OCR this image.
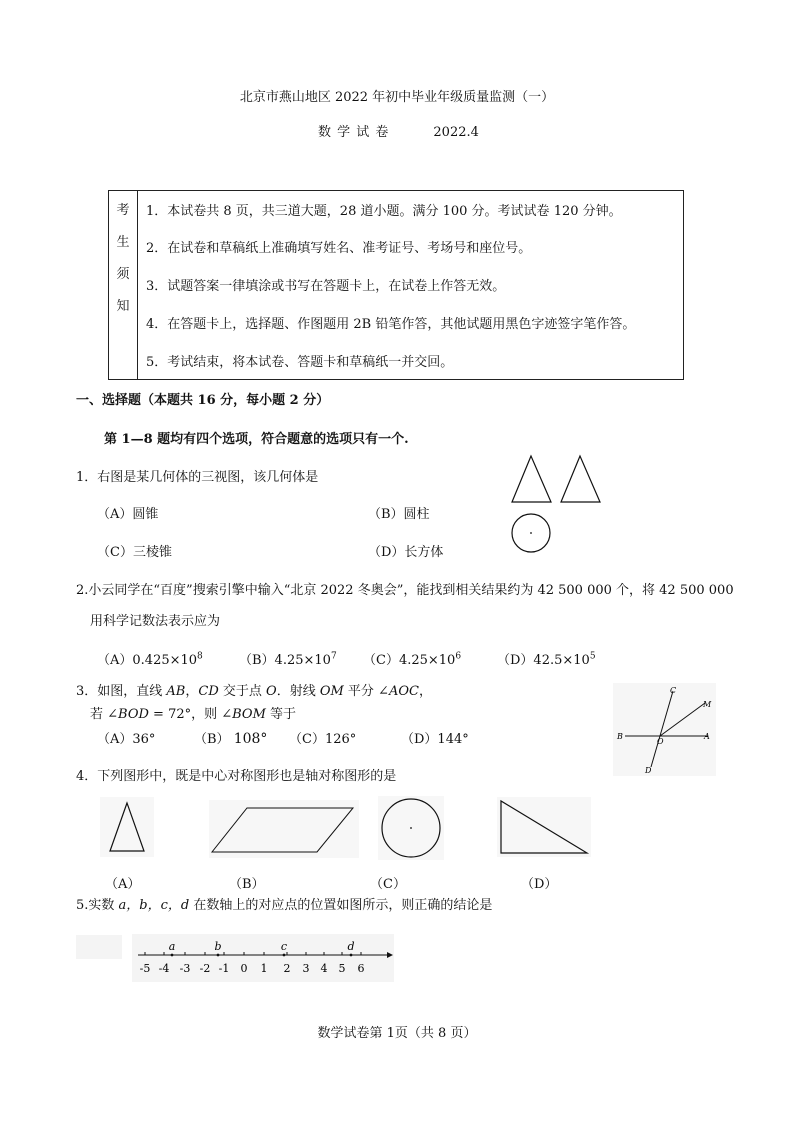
北京市燕山地区 2022 年初中毕业年级质量监测（一）
数 学 试 卷	2022.4
考
生
须
知
1．本试卷共 8 页，共三道大题，28 道小题。满分 100 分。考试试卷 120 分钟。
2．在试卷和草稿纸上准确填写姓名、准考证号、考场号和座位号。
3．试题答案一律填涂或书写在答题卡上，在试卷上作答无效。
4．在答题卡上，选择题、作图题用 2B 铅笔作答，其他试题用黑色字迹签字笔作答。
5．考试结束，将本试卷、答题卡和草稿纸一并交回。
一、选择题（本题共 16 分，每小题 2 分）
第 1—8 题均有四个选项，符合题意的选项只有一个.
1．右图是某几何体的三视图，该几何体是
（A）圆锥	（B）圆柱
（C）三棱锥	（D）长方体
2.小云同学在“百度”搜索引擎中输入“北京 2022 冬奥会”，能找到相关结果约为 42 500 000 个，将 42 500 000
用科学记数法表示应为
$(A)0.425\times 10^8$	$(B)4.25\times 10^7$ $(C)4.25\times 10^6$	$(D)42.5\times 10^5$
3．如图，直线 AB，CD 交于点 O．射线 OM 平分 ∠AOC，
若 ∠BOD = 72°，则 ∠BOM 等于
（A）36°	（B） 108° （C）126°	（D）144°	B	A
C
M
O
D
4．下列图形中，既是中心对称图形也是轴对称图形的是
（A）	（B）	（C）	（D）
5.实数 a，b，c，d 在数轴上的对应点的位置如图所示，则正确的结论是
-5 -4 -3 -2 -1 0 1 2 3 4 5 6
a	b	c	d
数学试卷第 1页（共 8 页）
